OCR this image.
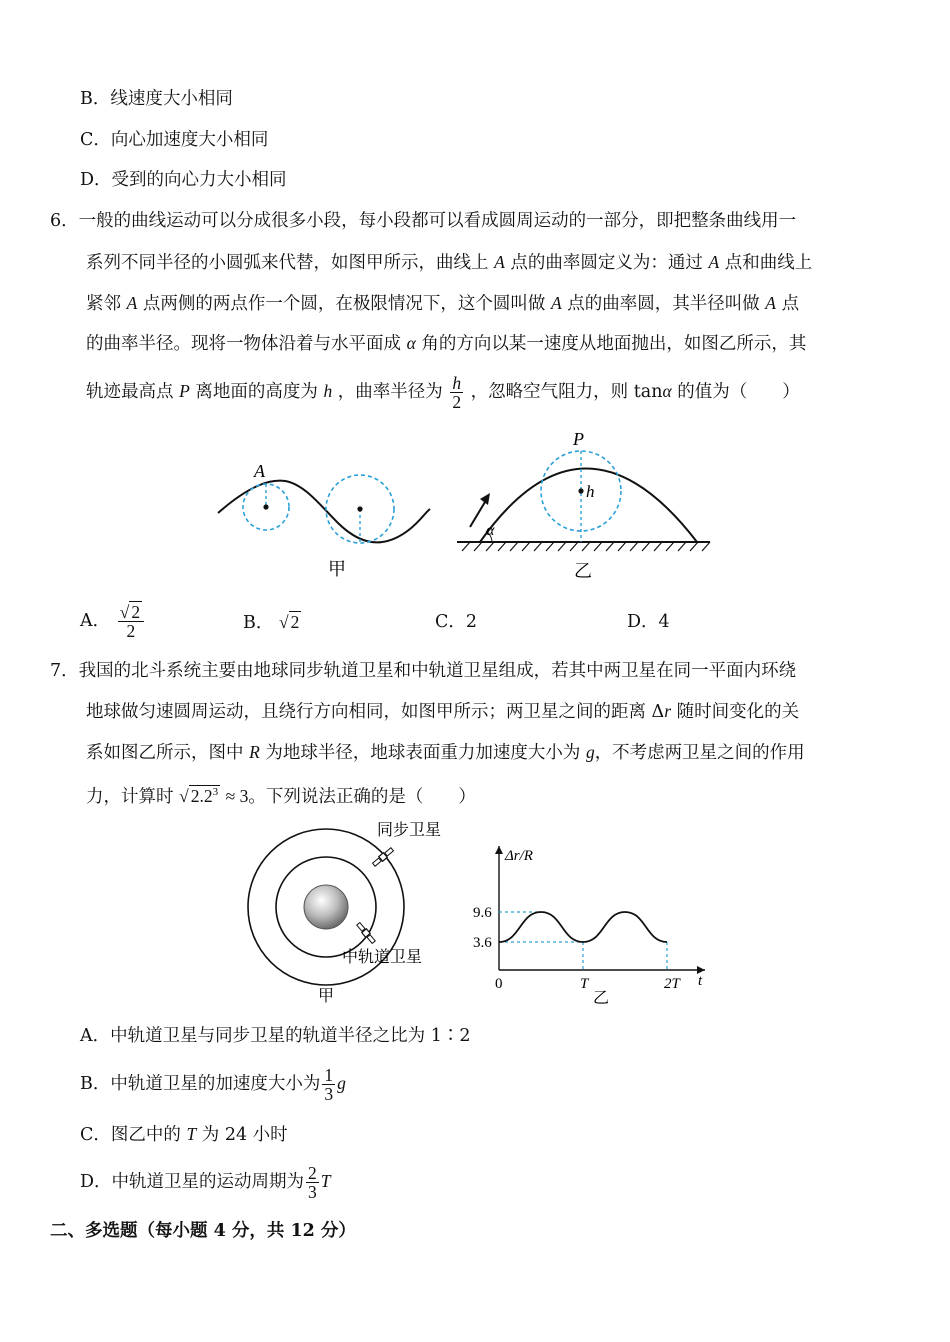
B．线速度大小相同
C．向心加速度大小相同
D．受到的向心力大小相同
6．一般的曲线运动可以分成很多小段，每小段都可以看成圆周运动的一部分，即把整条曲线用一
系列不同半径的小圆弧来代替，如图甲所示，曲线上 A 点的曲率圆定义为：通过 A 点和曲线上
紧邻 A 点两侧的两点作一个圆，在极限情况下，这个圆叫做 A 点的曲率圆，其半径叫做 A 点
的曲率半径。现将一物体沿着与水平面成 α 角的方向以某一速度从地面抛出，如图乙所示，其
轨迹最高点 P 离地面的高度为 h ，曲率半径为 $\frac{h}{2}$ ，忽略空气阻力，则 tanα 的值为（　　）
A
甲
α
P
h
乙
A． $\frac{√ 2}{2}$	B． √ 2	C．2	D．4
7．我国的北斗系统主要由地球同步轨道卫星和中轨道卫星组成，若其中两卫星在同一平面内环绕
地球做匀速圆周运动，且绕行方向相同，如图甲所示；两卫星之间的距离 Δr 随时间变化的关
系如图乙所示，图中 R 为地球半径，地球表面重力加速度大小为 g，不考虑两卫星之间的作用
力，计算时 √ $2.2^3 \approx 3$。下列说法正确的是（　　）
同步卫星
中轨道卫星
甲
Δr/R
t
9.6
3.6
0	T	2T
乙
A．中轨道卫星与同步卫星的轨道半径之比为 1∶2
B．中轨道卫星的加速度大小为 $\frac{1}{3}$ g
C．图乙中的 T 为 24 小时
D．中轨道卫星的运动周期为 $\frac{2}{3}$ T
二、多选题（每小题 4 分，共 12 分）
